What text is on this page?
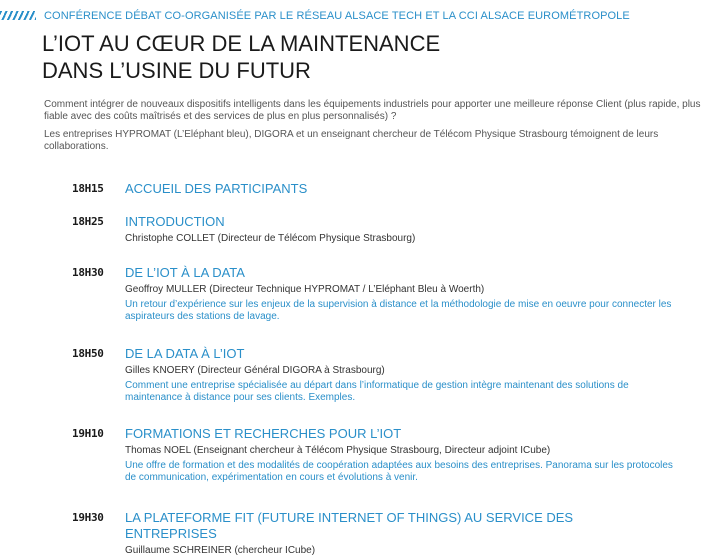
CONFÉRENCE DÉBAT CO-ORGANISÉE PAR LE RÉSEAU ALSACE TECH ET LA CCI ALSACE EUROMÉTROPOLE
L’IOT AU CŒUR DE LA MAINTENANCE
DANS L’USINE DU FUTUR

Comment intégrer de nouveaux dispositifs intelligents dans les équipements industriels pour apporter une meilleure réponse Client (plus rapide, plus fiable avec des coûts maîtrisés et des services de plus en plus personnalisés) ?

Les entreprises HYPROMAT (L’Eléphant bleu), DIGORA et un enseignant chercheur de Télécom Physique Strasbourg témoignent de leurs collaborations.

18H15 ACCUEIL DES PARTICIPANTS
18H25 INTRODUCTION
Christophe COLLET (Directeur de Télécom Physique Strasbourg)
18H30 DE L’IOT À LA DATA
Geoffroy MULLER (Directeur Technique HYPROMAT / L’Eléphant Bleu à Woerth)
Un retour d’expérience sur les enjeux de la supervision à distance et la méthodologie de mise en oeuvre pour connecter les aspirateurs des stations de lavage.
18H50 DE LA DATA À L’IOT
Gilles KNOERY (Directeur Général DIGORA à Strasbourg)
Comment une entreprise spécialisée au départ dans l’informatique de gestion intègre maintenant des solutions de maintenance à distance pour ses clients. Exemples.
19H10 FORMATIONS ET RECHERCHES POUR L’IOT
Thomas NOEL (Enseignant chercheur à Télécom Physique Strasbourg, Directeur adjoint ICube)
Une offre de formation et des modalités de coopération adaptées aux besoins des entreprises. Panorama sur les protocoles de communication, expérimentation en cours et évolutions à venir.
19H30 LA PLATEFORME FIT (FUTURE INTERNET OF THINGS) AU SERVICE DES ENTREPRISES
Guillaume SCHREINER (chercheur ICube)
